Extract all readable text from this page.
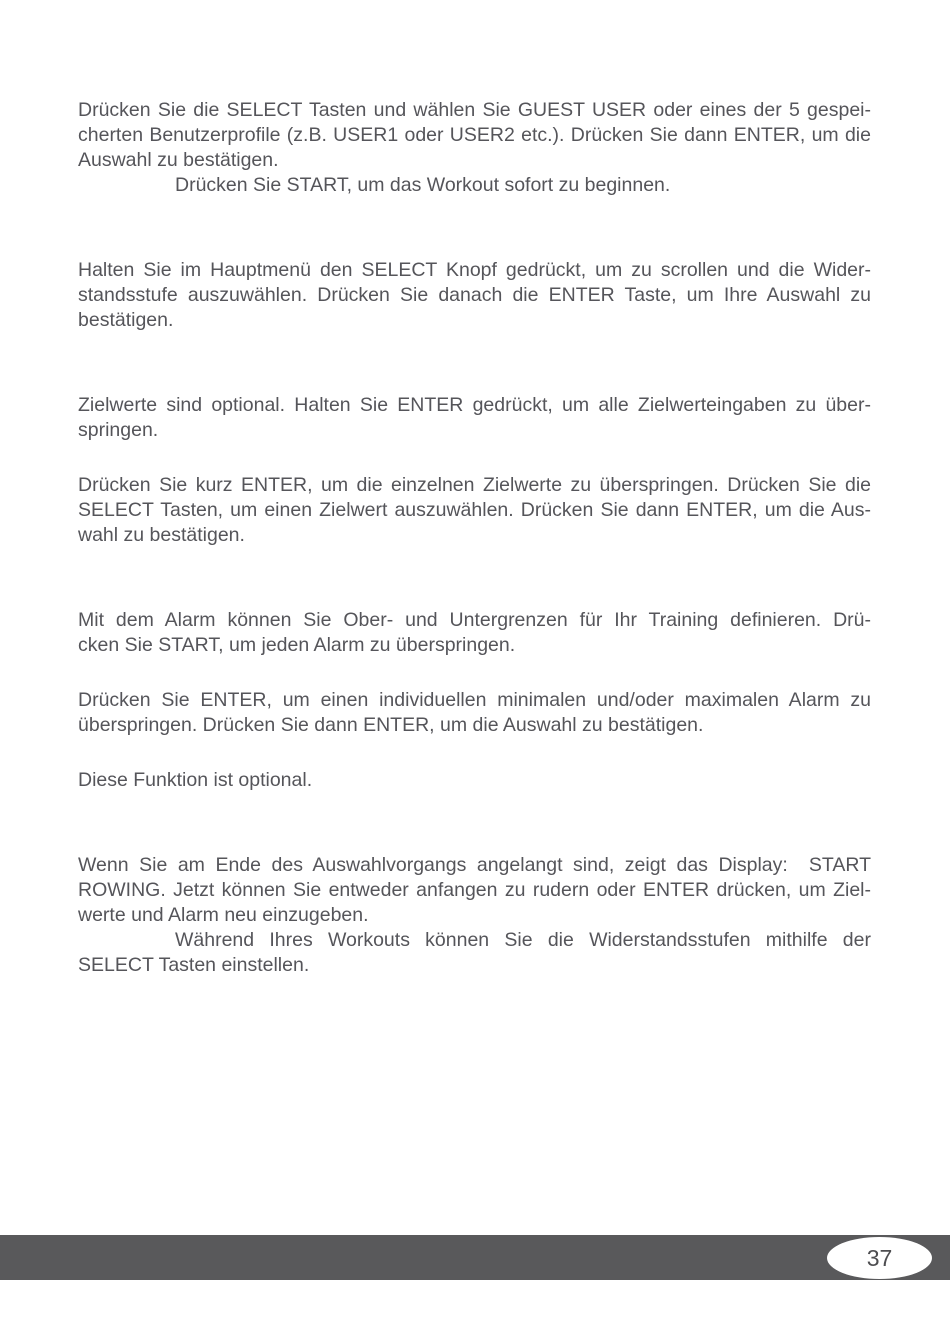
Drücken Sie die SELECT Tasten und wählen Sie GUEST USER oder eines der 5 gespei-
cherten Benutzerprofile (z.B. USER1 oder USER2 etc.). Drücken Sie dann ENTER, um die
Auswahl zu bestätigen.
Drücken Sie START, um das Workout sofort zu beginnen.
Halten Sie im Hauptmenü den SELECT Knopf gedrückt, um zu scrollen und die Wider-
standsstufe auszuwählen. Drücken Sie danach die ENTER Taste, um Ihre Auswahl zu
bestätigen.
Zielwerte sind optional. Halten Sie ENTER gedrückt, um alle Zielwerteingaben zu über-
springen.
Drücken Sie kurz ENTER, um die einzelnen Zielwerte zu überspringen. Drücken Sie die
SELECT Tasten, um einen Zielwert auszuwählen. Drücken Sie dann ENTER, um die Aus-
wahl zu bestätigen.
Mit dem Alarm können Sie Ober- und Untergrenzen für Ihr Training definieren. Drü-
cken Sie START, um jeden Alarm zu überspringen.
Drücken Sie ENTER, um einen individuellen minimalen und/oder maximalen Alarm zu
überspringen. Drücken Sie dann ENTER, um die Auswahl zu bestätigen.
Diese Funktion ist optional.
Wenn Sie am Ende des Auswahlvorgangs angelangt sind, zeigt das Display:  START
ROWING. Jetzt können Sie entweder anfangen zu rudern oder ENTER drücken, um Ziel-
werte und Alarm neu einzugeben.
Während Ihres Workouts können Sie die Widerstandsstufen mithilfe der
SELECT Tasten einstellen.
37
